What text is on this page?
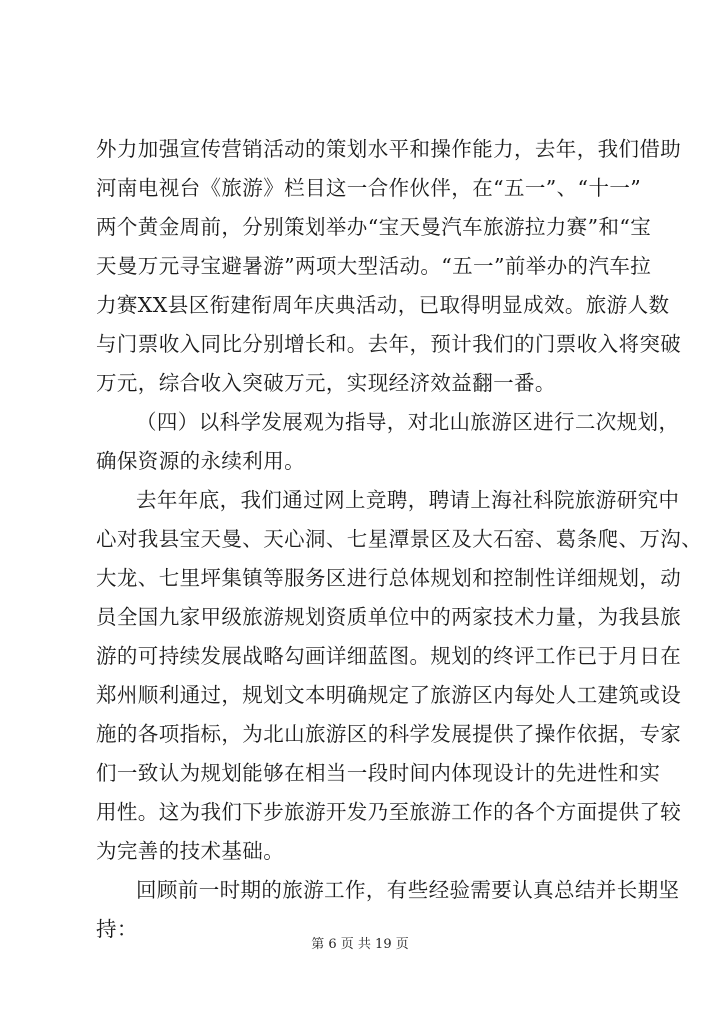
外力加强宣传营销活动的策划水平和操作能力，去年，我们借助
河南电视台《旅游》栏目这一合作伙伴，在“五一”、“十一”
两个黄金周前，分别策划举办“宝天曼汽车旅游拉力赛”和“宝
天曼万元寻宝避暑游”两项大型活动。“五一”前举办的汽车拉
力赛XX县区衔建衔周年庆典活动，已取得明显成效。旅游人数
与门票收入同比分别增长和。去年，预计我们的门票收入将突破
万元，综合收入突破万元，实现经济效益翻一番。
（四）以科学发展观为指导，对北山旅游区进行二次规划，
确保资源的永续利用。
去年年底，我们通过网上竞聘，聘请上海社科院旅游研究中
心对我县宝天曼、天心洞、七星潭景区及大石窑、葛条爬、万沟、
大龙、七里坪集镇等服务区进行总体规划和控制性详细规划，动
员全国九家甲级旅游规划资质单位中的两家技术力量，为我县旅
游的可持续发展战略勾画详细蓝图。规划的终评工作已于月日在
郑州顺利通过，规划文本明确规定了旅游区内每处人工建筑或设
施的各项指标，为北山旅游区的科学发展提供了操作依据，专家
们一致认为规划能够在相当一段时间内体现设计的先进性和实
用性。这为我们下步旅游开发乃至旅游工作的各个方面提供了较
为完善的技术基础。
回顾前一时期的旅游工作，有些经验需要认真总结并长期坚
持：
第 6 页 共 19 页
